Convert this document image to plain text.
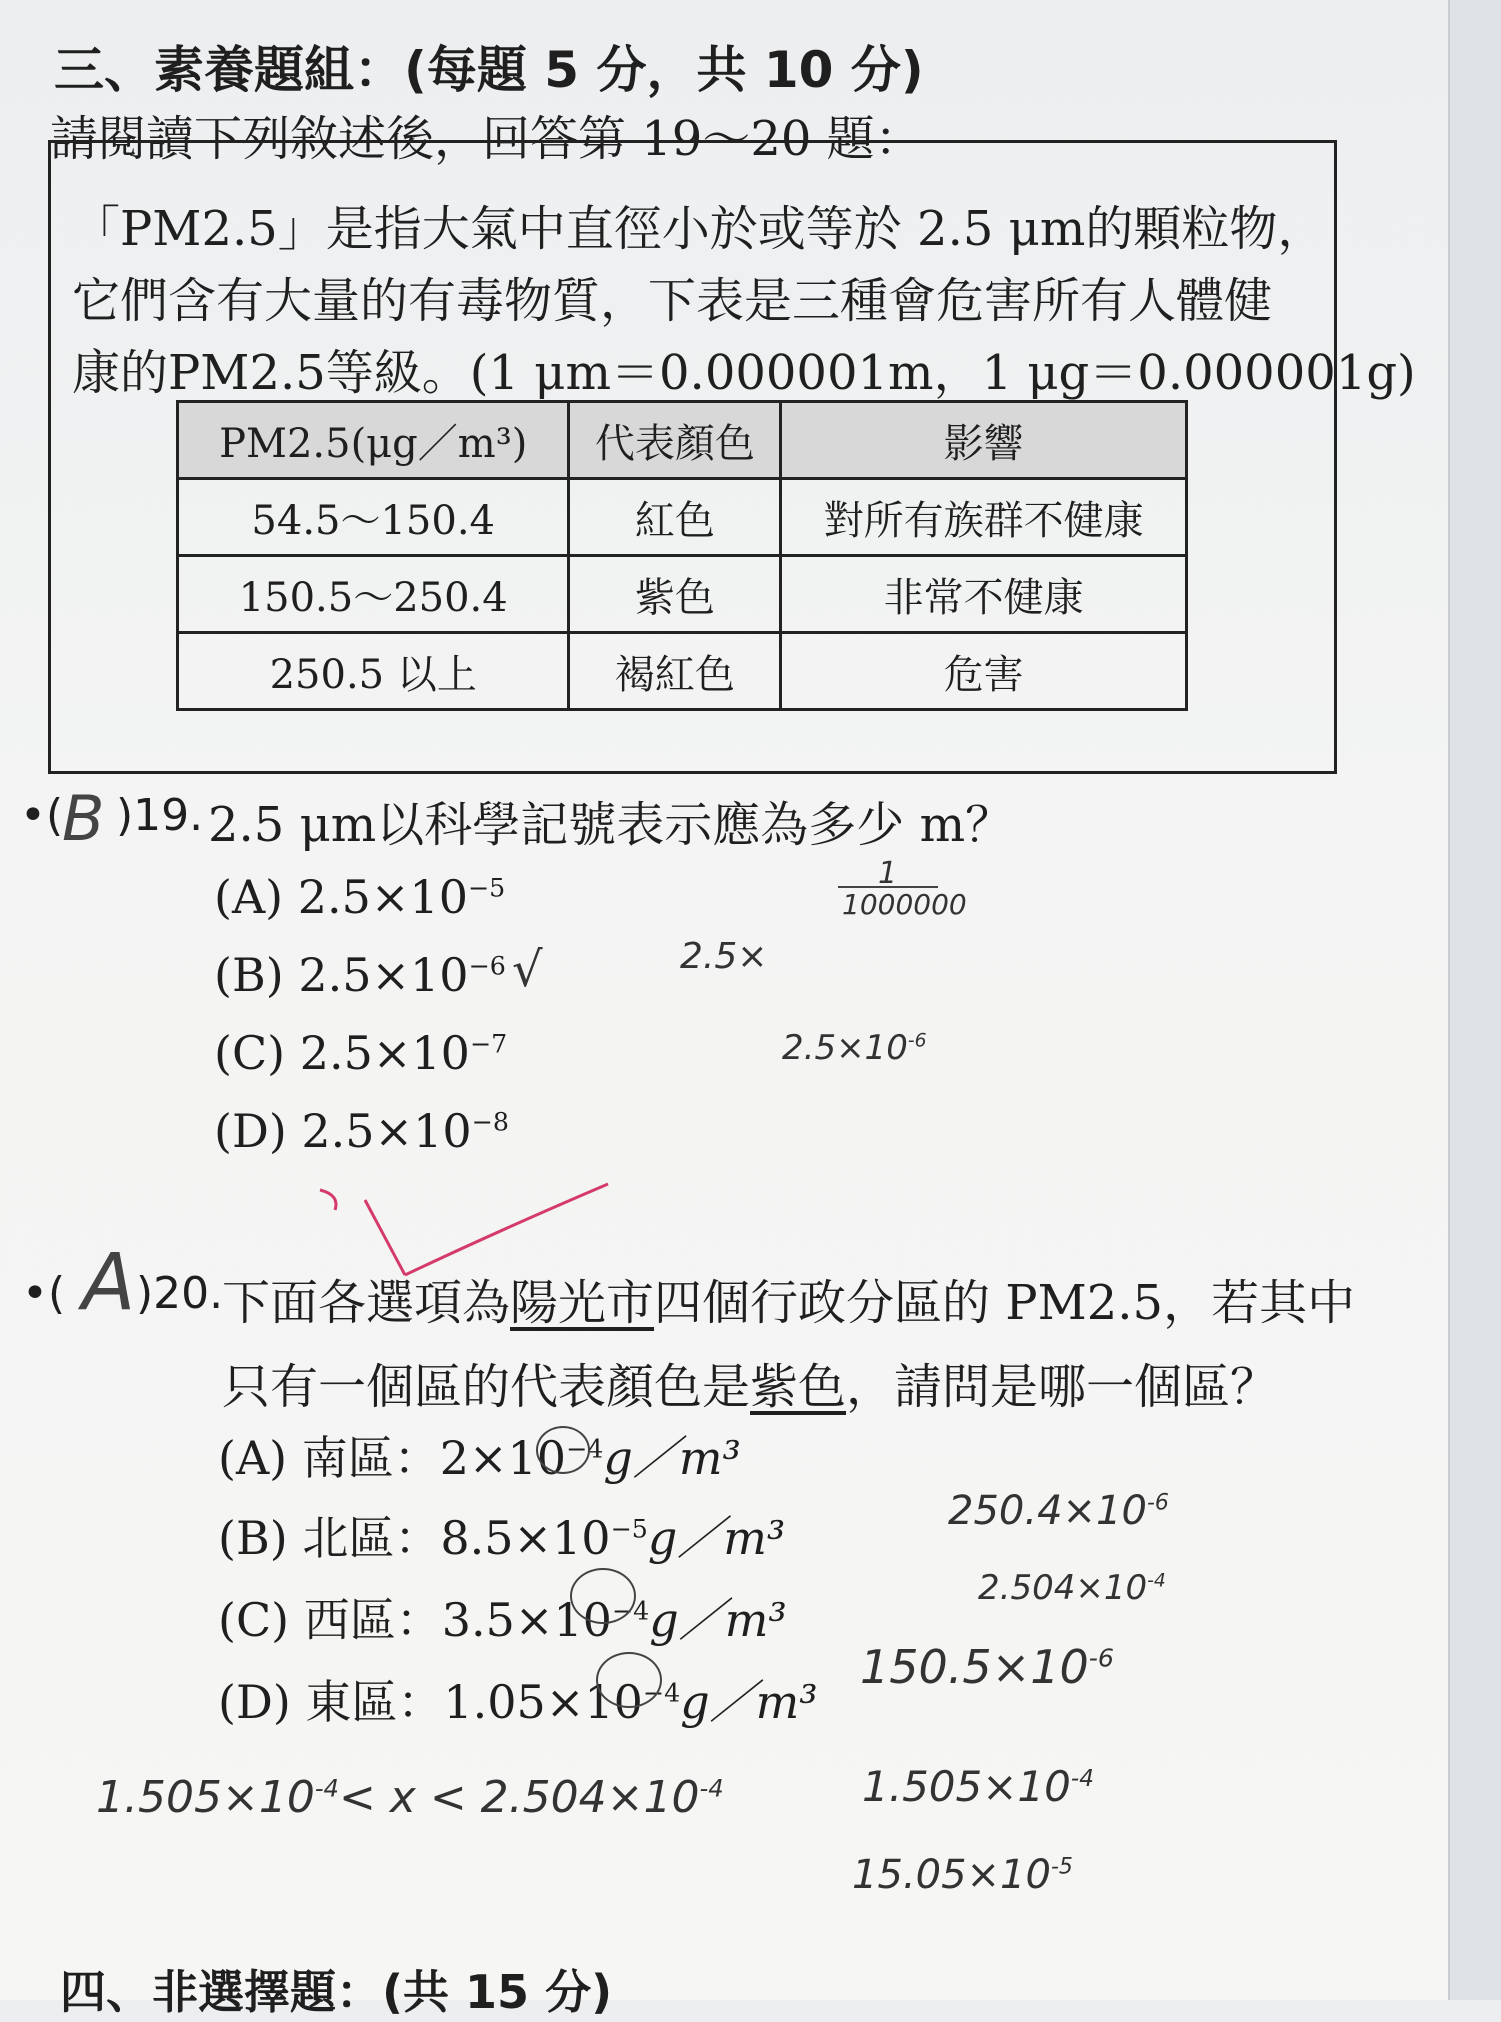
三、素養題組：(每題 5 分，共 10 分)
請閱讀下列敘述後，回答第 19～20 題：
「PM2.5」是指大氣中直徑小於或等於 2.5 μm的顆粒物，
它們含有大量的有毒物質，下表是三種會危害所有人體健
康的PM2.5等級。(1 μm＝0.000001m，1 μg＝0.000001g)
PM2.5(μg／m³)	代表顏色	影響
54.5～150.4	紅色	對所有族群不健康
150.5～250.4	紫色	非常不健康
250.5 以上	褐紅色	危害
•(
B )19. 2.5 μm以科學記號表示應為多少 m？
(A) $2.5\times 10^{-5}$
(B) $2.5\times 10^{-6}$
(C) $2.5\times 10^{-7}$
(D) $2.5\times 10^{-8}$
1
1000000
√	2.5×
$2.5\times 10^{-6}$
•( A )20.
下面各選項為陽光市四個行政分區的 PM2.5，若其中
只有一個區的代表顏色是紫色，請問是哪一個區？
(A) 南區：$2\times 10^{-4}g/m^3$
(B) 北區：$8.5\times 10^{-5}g/m^3$
(C) 西區：$3.5\times 10^{-4}g/m^3$
(D) 東區：$1.05\times 10^{-4}g/m^3$
$250.4\times 10^{-6}$
$2.504\times 10^{-4}$
$150.5\times 10^{-6}$
$1.505\times 10^{-4}< x < 2.504\times 10^{-4}$	$1.505\times 10^{-4}$
$15.05\times 10^{-5}$
四、非選擇題：(共 15 分)
